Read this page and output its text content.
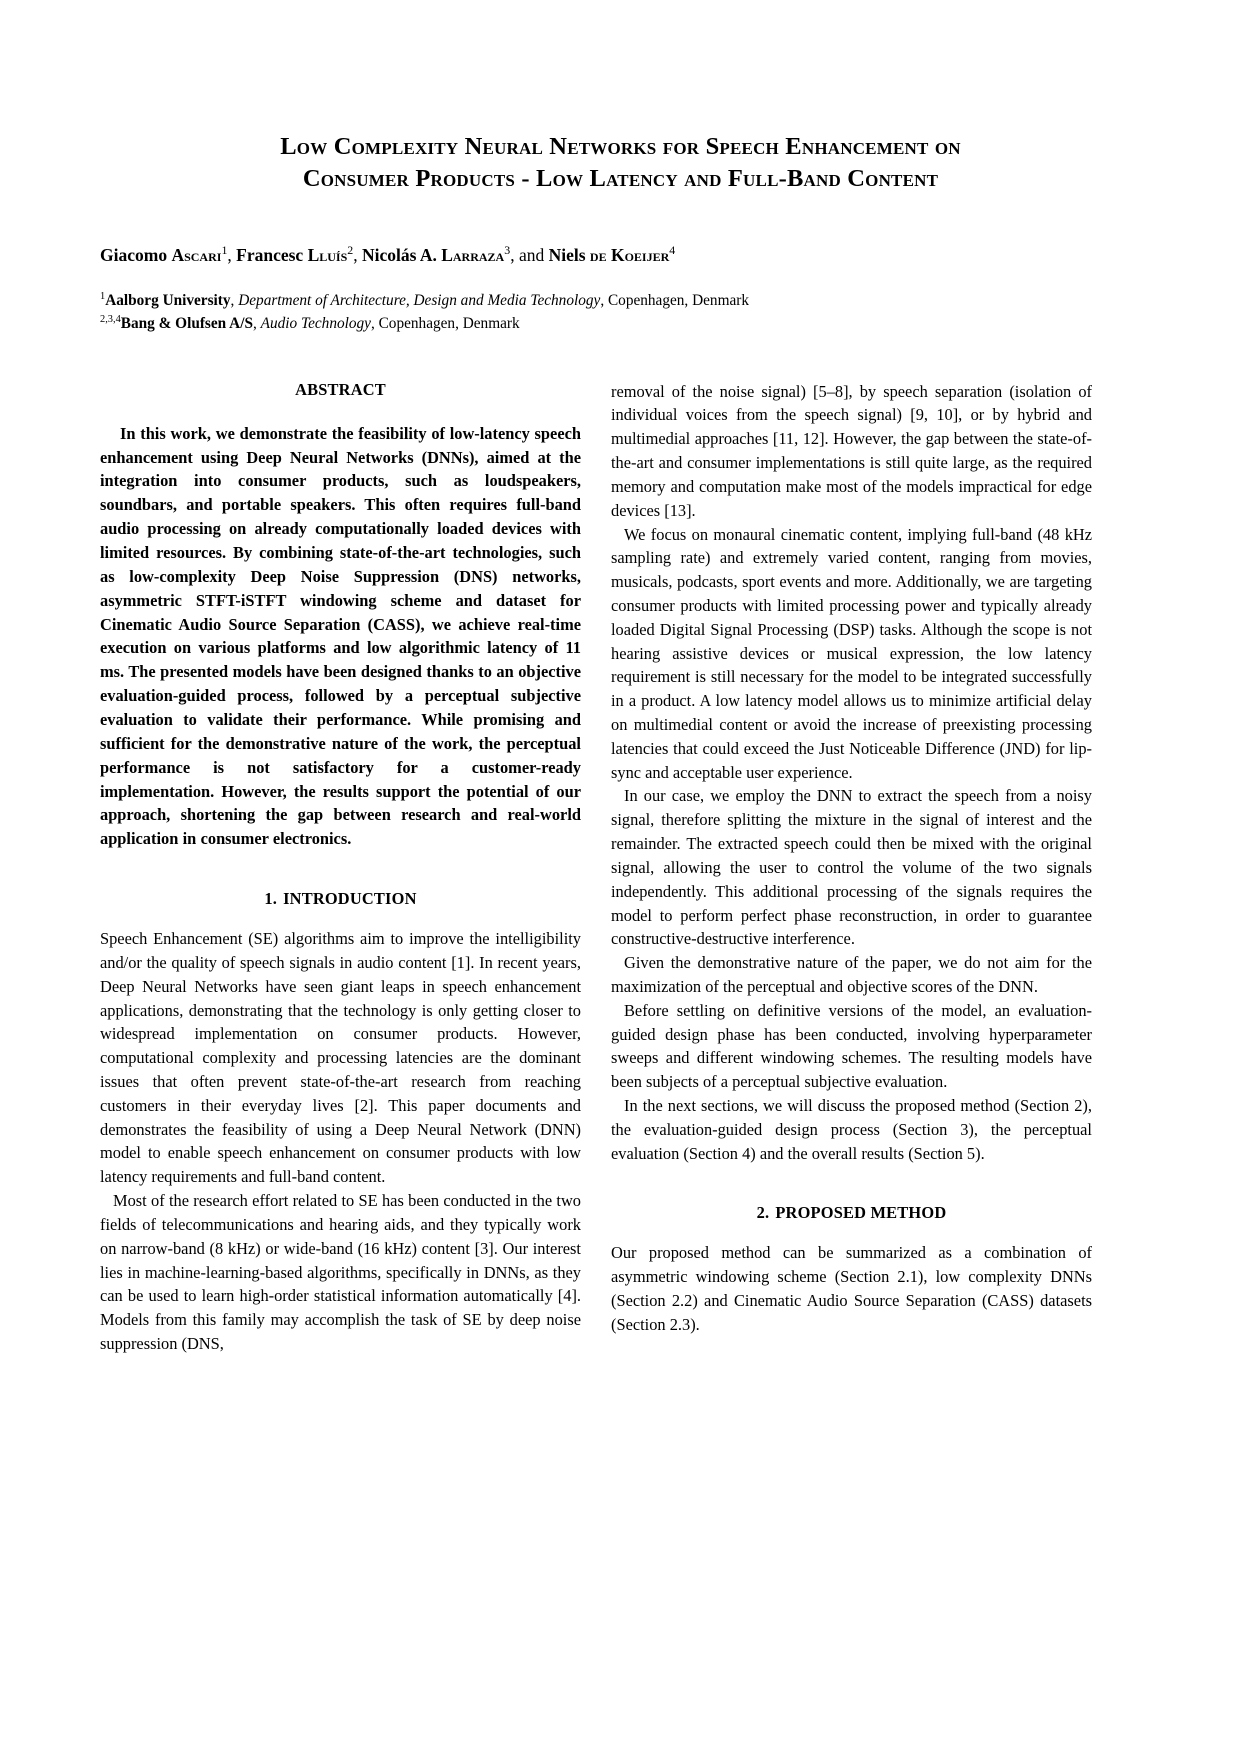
Low Complexity Neural Networks for Speech Enhancement on
Consumer Products - Low Latency and Full-Band Content
Giacomo Ascari$^1$, Francesc Lluís$^2$, Nicolás A. Larraza$^3$, and Niels de Koeijer$^4$
$^1$Aalborg University, Department of Architecture, Design and Media Technology, Copenhagen, Denmark
$^{2,3,4}$Bang & Olufsen A/S, Audio Technology, Copenhagen, Denmark
ABSTRACT

In this work, we demonstrate the feasibility of low-latency speech enhancement using Deep Neural Networks (DNNs), aimed at the integration into consumer products, such as loudspeakers, soundbars, and portable speakers. This often requires full-band audio processing on already computationally loaded devices with limited resources. By combining state-of-the-art technologies, such as low-complexity Deep Noise Suppression (DNS) networks, asymmetric STFT-iSTFT windowing scheme and dataset for Cinematic Audio Source Separation (CASS), we achieve real-time execution on various platforms and low algorithmic latency of 11 ms. The presented models have been designed thanks to an objective evaluation-guided process, followed by a perceptual subjective evaluation to validate their performance. While promising and sufficient for the demonstrative nature of the work, the perceptual performance is not satisfactory for a customer-ready implementation. However, the results support the potential of our approach, shortening the gap between research and real-world application in consumer electronics.

1. INTRODUCTION

Speech Enhancement (SE) algorithms aim to improve the intelligibility and/or the quality of speech signals in audio content [1]. In recent years, Deep Neural Networks have seen giant leaps in speech enhancement applications, demonstrating that the technology is only getting closer to widespread implementation on consumer products. However, computational complexity and processing latencies are the dominant issues that often prevent state-of-the-art research from reaching customers in their everyday lives [2]. This paper documents and demonstrates the feasibility of using a Deep Neural Network (DNN) model to enable speech enhancement on consumer products with low latency requirements and full-band content.

Most of the research effort related to SE has been conducted in the two fields of telecommunications and hearing aids, and they typically work on narrow-band (8 kHz) or wide-band (16 kHz) content [3]. Our interest lies in machine-learning-based algorithms, specifically in DNNs, as they can be used to learn high-order statistical information automatically [4]. Models from this family may accomplish the task of SE by deep noise suppression (DNS,

removal of the noise signal) [5–8], by speech separation (isolation of individual voices from the speech signal) [9, 10], or by hybrid and multimedial approaches [11, 12]. However, the gap between the state-of-the-art and consumer implementations is still quite large, as the required memory and computation make most of the models impractical for edge devices [13].

We focus on monaural cinematic content, implying full-band (48 kHz sampling rate) and extremely varied content, ranging from movies, musicals, podcasts, sport events and more. Additionally, we are targeting consumer products with limited processing power and typically already loaded Digital Signal Processing (DSP) tasks. Although the scope is not hearing assistive devices or musical expression, the low latency requirement is still necessary for the model to be integrated successfully in a product. A low latency model allows us to minimize artificial delay on multimedial content or avoid the increase of preexisting processing latencies that could exceed the Just Noticeable Difference (JND) for lip-sync and acceptable user experience.

In our case, we employ the DNN to extract the speech from a noisy signal, therefore splitting the mixture in the signal of interest and the remainder. The extracted speech could then be mixed with the original signal, allowing the user to control the volume of the two signals independently. This additional processing of the signals requires the model to perform perfect phase reconstruction, in order to guarantee constructive-destructive interference.

Given the demonstrative nature of the paper, we do not aim for the maximization of the perceptual and objective scores of the DNN.

Before settling on definitive versions of the model, an evaluation-guided design phase has been conducted, involving hyperparameter sweeps and different windowing schemes. The resulting models have been subjects of a perceptual subjective evaluation.

In the next sections, we will discuss the proposed method (Section 2), the evaluation-guided design process (Section 3), the perceptual evaluation (Section 4) and the overall results (Section 5).

2. PROPOSED METHOD

Our proposed method can be summarized as a combination of asymmetric windowing scheme (Section 2.1), low complexity DNNs (Section 2.2) and Cinematic Audio Source Separation (CASS) datasets (Section 2.3).
